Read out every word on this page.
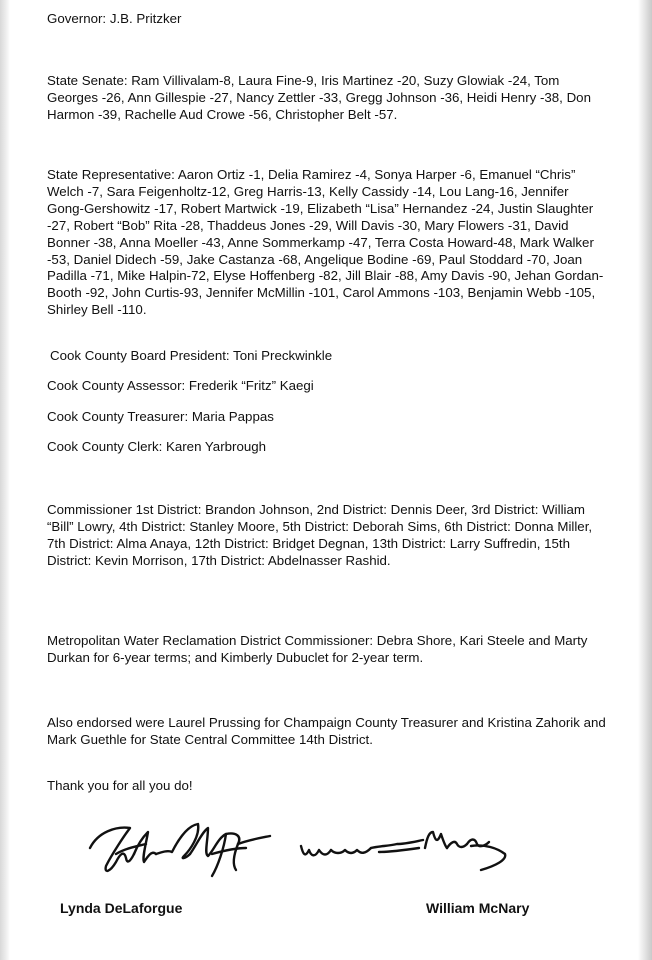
Governor: J.B. Pritzker

State Senate: Ram Villivalam-8, Laura Fine-9, Iris Martinez -20, Suzy Glowiak -24, Tom Georges -26, Ann Gillespie -27, Nancy Zettler -33, Gregg Johnson -36, Heidi Henry -38, Don Harmon -39, Rachelle Aud Crowe -56, Christopher Belt -57.

State Representative: Aaron Ortiz -1, Delia Ramirez -4, Sonya Harper -6, Emanuel “Chris” Welch -7, Sara Feigenholtz-12, Greg Harris-13, Kelly Cassidy -14, Lou Lang-16, Jennifer Gong-Gershowitz -17, Robert Martwick -19, Elizabeth “Lisa” Hernandez -24, Justin Slaughter -27, Robert “Bob” Rita -28, Thaddeus Jones -29, Will Davis -30, Mary Flowers -31, David Bonner -38, Anna Moeller -43, Anne Sommerkamp -47, Terra Costa Howard-48, Mark Walker -53, Daniel Didech -59, Jake Castanza -68, Angelique Bodine -69, Paul Stoddard -70, Joan Padilla -71, Mike Halpin-72, Elyse Hoffenberg -82, Jill Blair -88, Amy Davis -90, Jehan Gordan-Booth -92, John Curtis-93, Jennifer McMillin -101, Carol Ammons -103, Benjamin Webb -105, Shirley Bell -110.

Cook County Board President: Toni Preckwinkle

Cook County Assessor: Frederik “Fritz” Kaegi

Cook County Treasurer: Maria Pappas

Cook County Clerk: Karen Yarbrough

Commissioner 1st District: Brandon Johnson, 2nd District: Dennis Deer, 3rd District: William “Bill” Lowry, 4th District: Stanley Moore, 5th District: Deborah Sims, 6th District: Donna Miller, 7th District: Alma Anaya, 12th District: Bridget Degnan, 13th District: Larry Suffredin, 15th District: Kevin Morrison, 17th District: Abdelnasser Rashid.

Metropolitan Water Reclamation District Commissioner: Debra Shore, Kari Steele and Marty Durkan for 6-year terms; and Kimberly Dubuclet for 2-year term.

Also endorsed were Laurel Prussing for Champaign County Treasurer and Kristina Zahorik and Mark Guethle for State Central Committee 14th District.

Thank you for all you do!

Lynda DeLaforgue	William McNary
